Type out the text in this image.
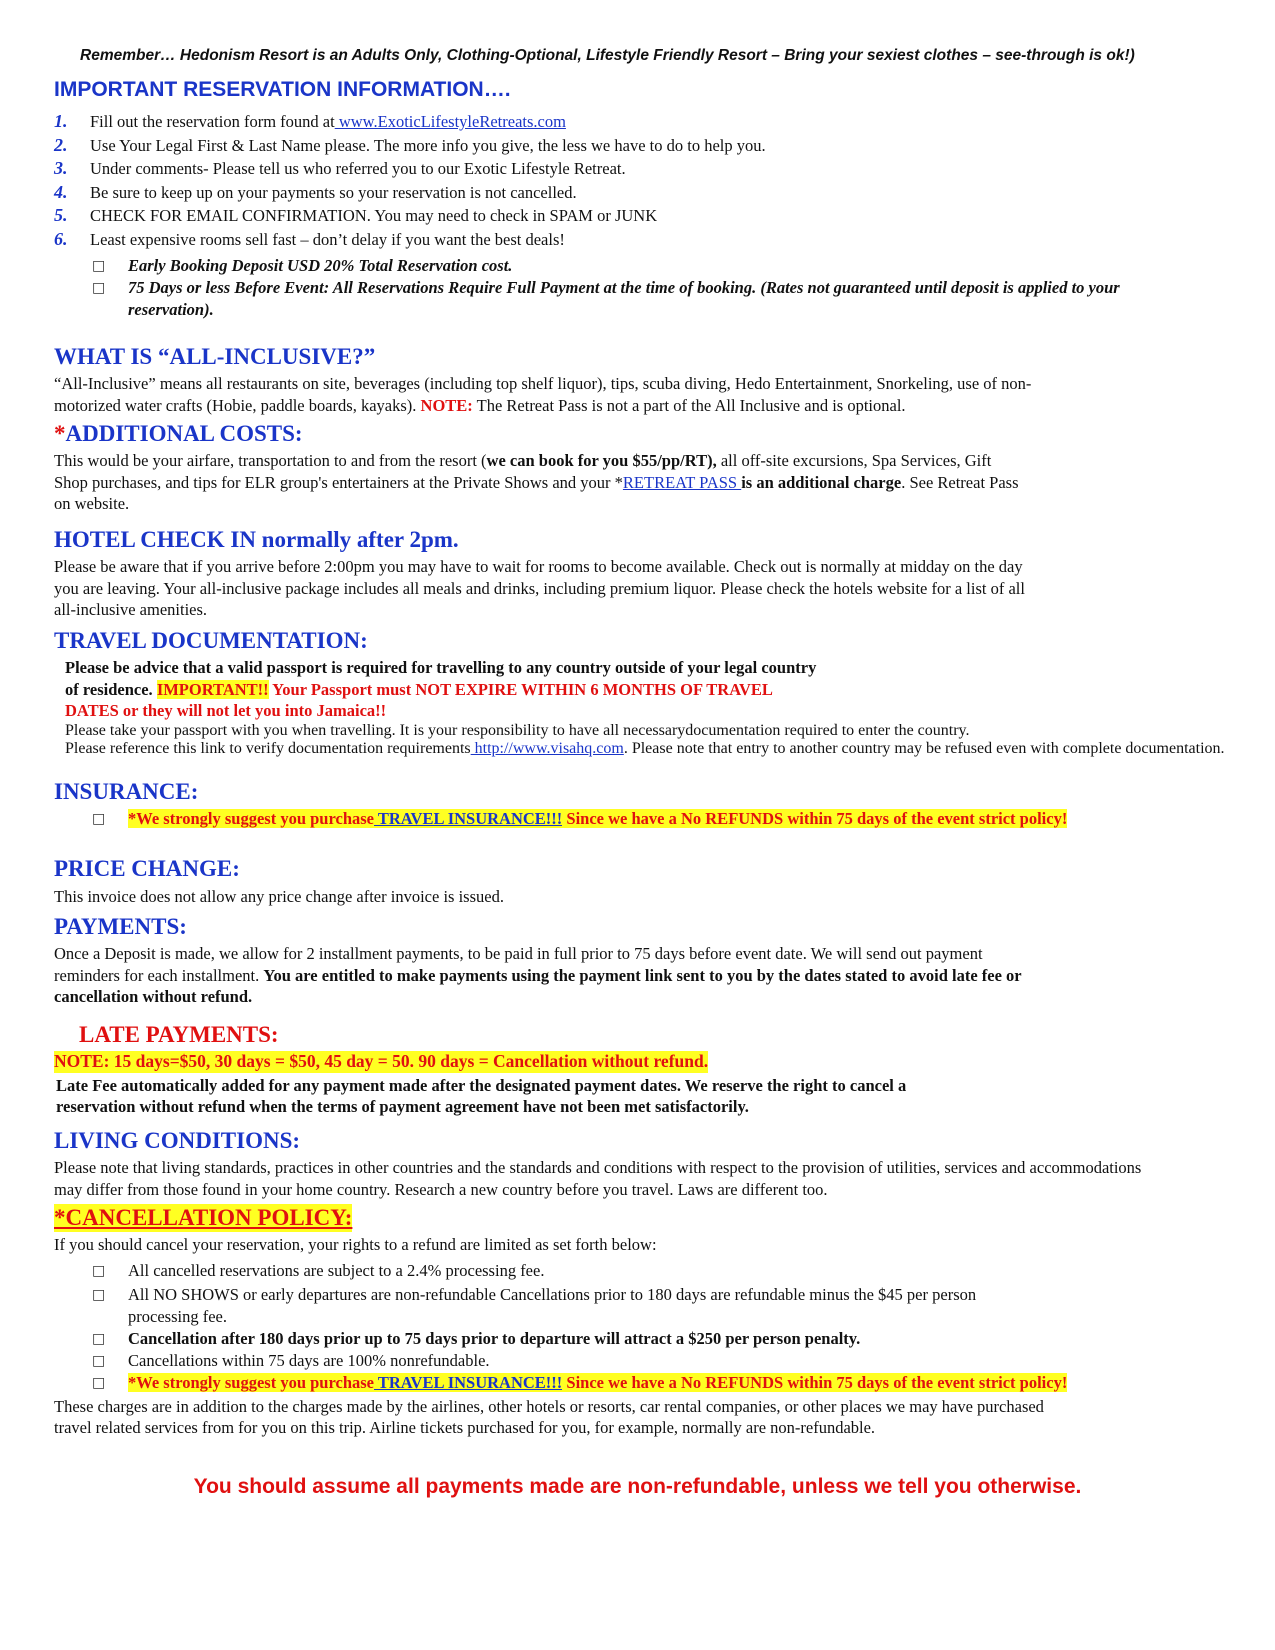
Remember… Hedonism Resort is an Adults Only, Clothing-Optional, Lifestyle Friendly Resort – Bring your sexiest clothes – see-through is ok!)

IMPORTANT RESERVATION INFORMATION….
1.	Fill out the reservation form found at www.ExoticLifestyleRetreats.com
2.	Use Your Legal First & Last Name please. The more info you give, the less we have to do to help you.
3.	Under comments- Please tell us who referred you to our Exotic Lifestyle Retreat.
4.	Be sure to keep up on your payments so your reservation is not cancelled.
5.	CHECK FOR EMAIL CONFIRMATION. You may need to check in SPAM or JUNK
6.	Least expensive rooms sell fast – don’t delay if you want the best deals!
□	Early Booking Deposit USD 20% Total Reservation cost.
□	75 Days or less Before Event: All Reservations Require Full Payment at the time of booking. (Rates not guaranteed until deposit is applied to your reservation).
WHAT IS “ALL-INCLUSIVE?”

“All-Inclusive” means all restaurants on site, beverages (including top shelf liquor), tips, scuba diving, Hedo Entertainment, Snorkeling, use of non-motorized water crafts (Hobie, paddle boards, kayaks). NOTE: The Retreat Pass is not a part of the All Inclusive and is optional.

*ADDITIONAL COSTS:

This would be your airfare, transportation to and from the resort (we can book for you $55/pp/RT), all off-site excursions, Spa Services, Gift Shop purchases, and tips for ELR group's entertainers at the Private Shows and your *RETREAT PASS is an additional charge. See Retreat Pass on website.

HOTEL CHECK IN normally after 2pm.

Please be aware that if you arrive before 2:00pm you may have to wait for rooms to become available. Check out is normally at midday on the day you are leaving. Your all-inclusive package includes all meals and drinks, including premium liquor. Please check the hotels website for a list of all all-inclusive amenities.

TRAVEL DOCUMENTATION:

Please be advice that a valid passport is required for travelling to any country outside of your legal country of residence. IMPORTANT!! Your Passport must NOT EXPIRE WITHIN 6 MONTHS OF TRAVEL DATES or they will not let you into Jamaica!!

Please take your passport with you when travelling. It is your responsibility to have all necessarydocumentation required to enter the country.

Please reference this link to verify documentation requirements http://www.visahq.com. Please note that entry to another country may be refused even with complete documentation.

INSURANCE:
□	*We strongly suggest you purchase TRAVEL INSURANCE!!! Since we have a No REFUNDS within 75 days of the event strict policy!
PRICE CHANGE:

This invoice does not allow any price change after invoice is issued.

PAYMENTS:

Once a Deposit is made, we allow for 2 installment payments, to be paid in full prior to 75 days before event date. We will send out payment reminders for each installment. You are entitled to make payments using the payment link sent to you by the dates stated to avoid late fee or cancellation without refund.

LATE PAYMENTS:

NOTE: 15 days=$50, 30 days = $50, 45 day = 50. 90 days = Cancellation without refund.

Late Fee automatically added for any payment made after the designated payment dates. We reserve the right to cancel a reservation without refund when the terms of payment agreement have not been met satisfactorily.

LIVING CONDITIONS:

Please note that living standards, practices in other countries and the standards and conditions with respect to the provision of utilities, services and accommodations may differ from those found in your home country. Research a new country before you travel. Laws are different too.

*CANCELLATION POLICY:

If you should cancel your reservation, your rights to a refund are limited as set forth below:

□	All cancelled reservations are subject to a 2.4% processing fee.
□	All NO SHOWS or early departures are non-refundable Cancellations prior to 180 days are refundable minus the $45 per person processing fee.
□	Cancellation after 180 days prior up to 75 days prior to departure will attract a $250 per person penalty.
□	Cancellations within 75 days are 100% nonrefundable.
□	*We strongly suggest you purchase TRAVEL INSURANCE!!! Since we have a No REFUNDS within 75 days of the event strict policy!

These charges are in addition to the charges made by the airlines, other hotels or resorts, car rental companies, or other places we may have purchased travel related services from for you on this trip. Airline tickets purchased for you, for example, normally are non-refundable.

You should assume all payments made are non-refundable, unless we tell you otherwise.
